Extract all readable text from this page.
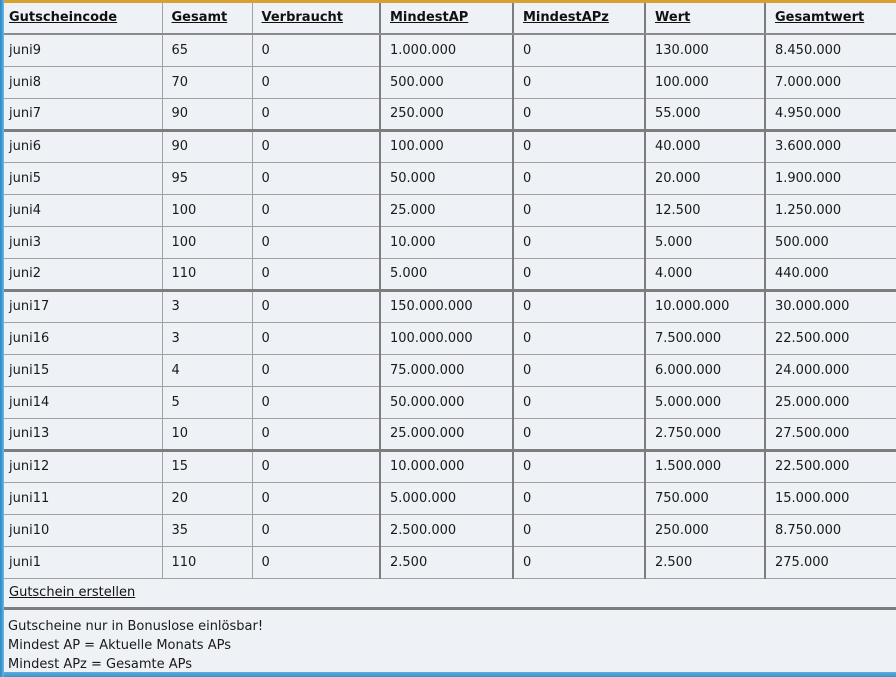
Gutscheincode	Gesamt	Verbraucht	MindestAP	MindestAPz	Wert	Gesamtwert
juni9	65	0	1.000.000	0	130.000	8.450.000
juni8	70	0	500.000	0	100.000	7.000.000
juni7	90	0	250.000	0	55.000	4.950.000
juni6	90	0	100.000	0	40.000	3.600.000
juni5	95	0	50.000	0	20.000	1.900.000
juni4	100	0	25.000	0	12.500	1.250.000
juni3	100	0	10.000	0	5.000	500.000
juni2	110	0	5.000	0	4.000	440.000
juni17	3	0	150.000.000	0	10.000.000	30.000.000
juni16	3	0	100.000.000	0	7.500.000	22.500.000
juni15	4	0	75.000.000	0	6.000.000	24.000.000
juni14	5	0	50.000.000	0	5.000.000	25.000.000
juni13	10	0	25.000.000	0	2.750.000	27.500.000
juni12	15	0	10.000.000	0	1.500.000	22.500.000
juni11	20	0	5.000.000	0	750.000	15.000.000
juni10	35	0	2.500.000	0	250.000	8.750.000
juni1	110	0	2.500	0	2.500	275.000
Gutschein erstellen
Gutscheine nur in Bonuslose einlösbar!
Mindest AP = Aktuelle Monats APs
Mindest APz = Gesamte APs
